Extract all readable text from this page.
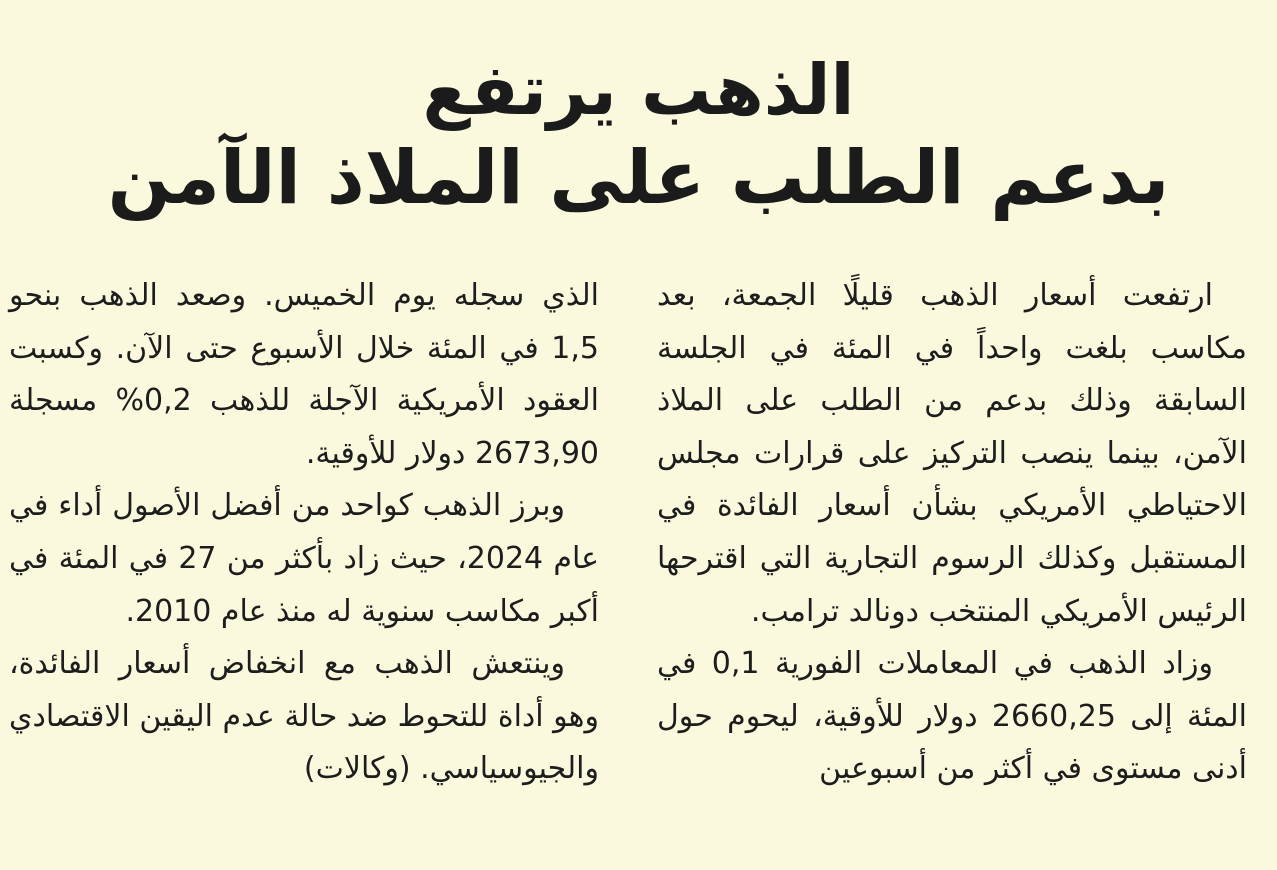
الذهب يرتفع
بدعم الطلب على الملاذ الآمن

ارتفعت أسعار الذهب قليلًا الجمعة، بعد مكاسب بلغت واحداً في المئة في الجلسة السابقة وذلك بدعم من الطلب على الملاذ الآمن، بينما ينصب التركيز على قرارات مجلس الاحتياطي الأمريكي بشأن أسعار الفائدة في المستقبل وكذلك الرسوم التجارية التي اقترحها الرئيس الأمريكي المنتخب دونالد ترامب.

وزاد الذهب في المعاملات الفورية 0,1 في المئة إلى 2660,25 دولار للأوقية، ليحوم حول أدنى مستوى في أكثر من أسبوعين

الذي سجله يوم الخميس. وصعد الذهب بنحو 1,5 في المئة خلال الأسبوع حتى الآن. وكسبت العقود الأمريكية الآجلة للذهب 0,2% مسجلة 2673,90 دولار للأوقية.

وبرز الذهب كواحد من أفضل الأصول أداء في عام 2024، حيث زاد بأكثر من 27 في المئة في أكبر مكاسب سنوية له منذ عام 2010.

وينتعش الذهب مع انخفاض أسعار الفائدة، وهو أداة للتحوط ضد حالة عدم اليقين الاقتصادي والجيوسياسي. (وكالات)
